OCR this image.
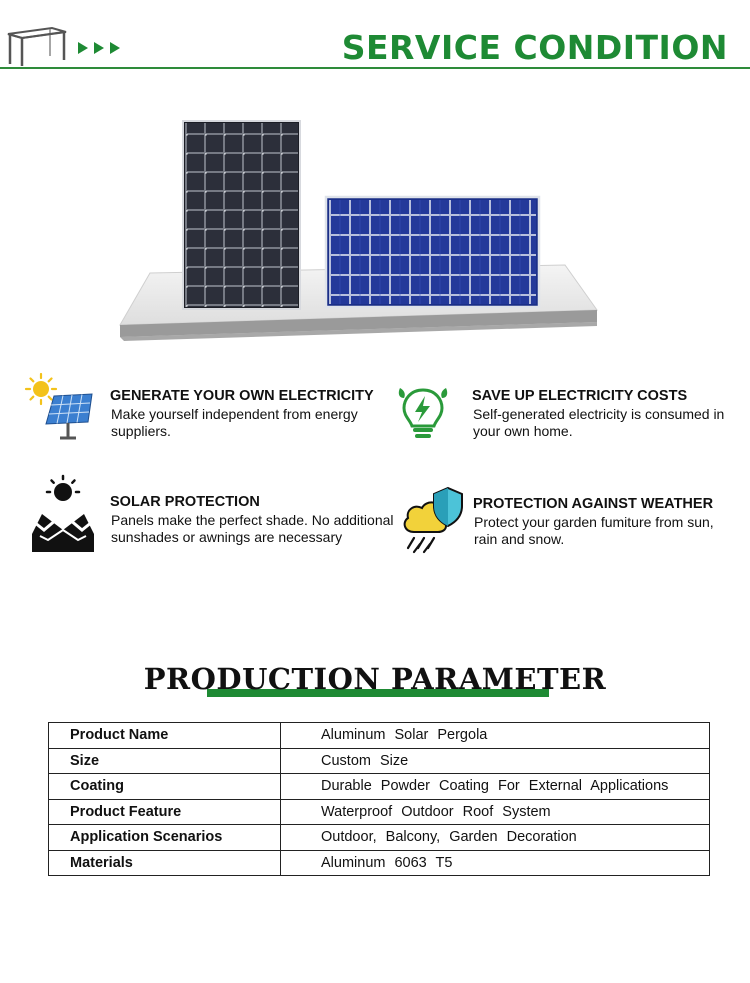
SERVICE CONDITION
GENERATE YOUR OWN ELECTRICITY
Make yourself independent from energy suppliers.
SAVE UP ELECTRICITY COSTS
Self-generated electricity is consumed in your own home.
SOLAR PROTECTION
Panels make the perfect shade. No additional sunshades or awnings are necessary
PROTECTION AGAINST WEATHER
Protect your garden fumiture from sun, rain and snow.
PRODUCTION PARAMETER
Product Name	Aluminum Solar Pergola
Size	Custom Size
Coating	Durable Powder Coating For External Applications
Product Feature	Waterproof Outdoor Roof System
Application Scenarios	Outdoor, Balcony, Garden Decoration
Materials	Aluminum 6063 T5
